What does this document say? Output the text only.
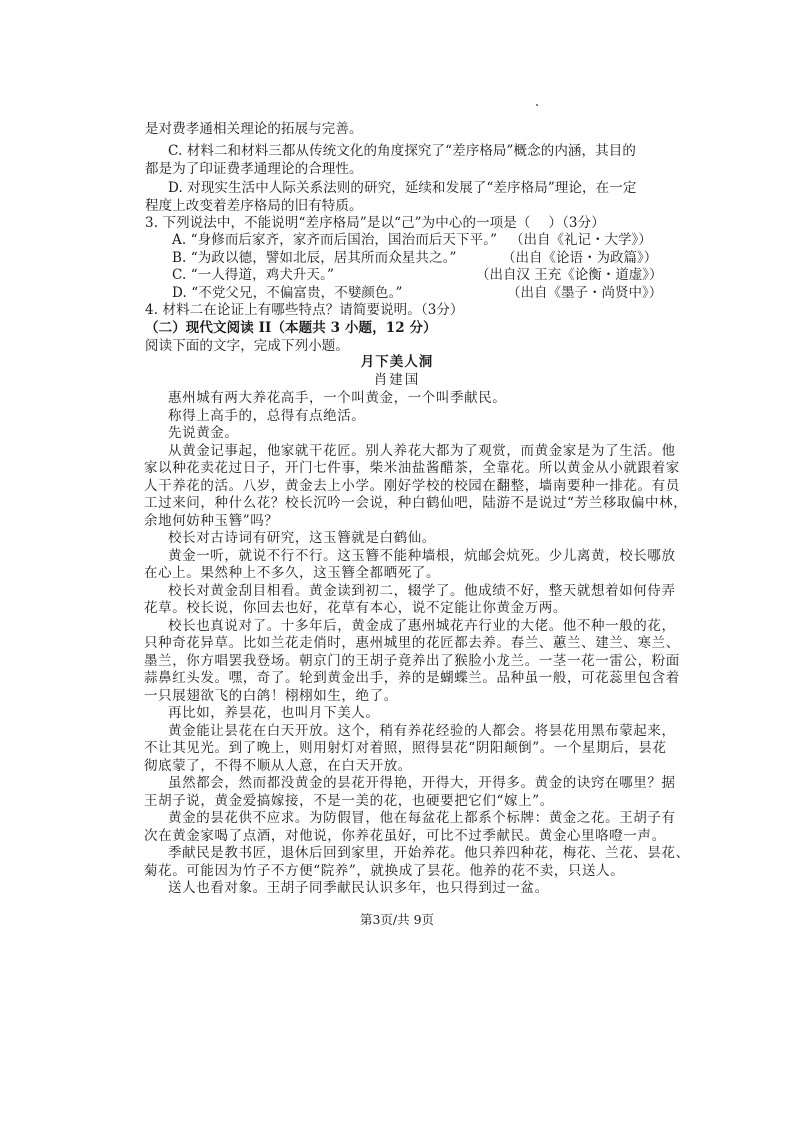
是对费孝通相关理论的拓展与完善。
C. 材料二和材料三都从传统文化的角度探究了“差序格局”概念的内涵，其目的
都是为了印证费孝通理论的合理性。
D. 对现实生活中人际关系法则的研究，延续和发展了“差序格局”理论，在一定
程度上改变着差序格局的旧有特质。
3. 下列说法中，不能说明“差序格局”是以“己”为中心的一项是（　 ）（3分）
A. “身修而后家齐，家齐而后国治，国治而后天下平。” （出自《礼记・大学》）
B. “为政以德，譬如北辰，居其所而众星共之。”	（出自《论语・为政篇》）
C. “一人得道，鸡犬升天。”	（出自汉 王充《论衡・道虚》）
D. “不党父兄，不偏富贵，不嬖颜色。”	（出自《墨子・尚贤中》）
4. 材料二在论证上有哪些特点？请简要说明。（3分）
（二）现代文阅读 II（本题共 3 小题，12 分）
阅读下面的文字，完成下列小题。
月下美人洞
肖建国
第3页/共 9页
惠州城有两大养花高手，一个叫黄金，一个叫季献民。
称得上高手的，总得有点绝活。
先说黄金。
从黄金记事起，他家就干花匠。别人养花大都为了观赏，而黄金家是为了生活。他
家以种花卖花过日子，开门七件事，柴米油盐酱醋茶，全靠花。所以黄金从小就跟着家
人干养花的活。八岁，黄金去上小学。刚好学校的校园在翻整，墙南要种一排花。有员
工过来问，种什么花？校长沉吟一会说，种白鹤仙吧，陆游不是说过“芳兰移取偏中林，
余地何妨种玉簪”吗？
校长对古诗词有研究，这玉簪就是白鹤仙。
黄金一听，就说不行不行。这玉簪不能种墙根，炕邮会炕死。少儿离黄，校长哪放
在心上。果然种上不多久，这玉簪全都晒死了。
校长对黄金刮目相看。黄金读到初二，辍学了。他成绩不好，整天就想着如何侍弄
花草。校长说，你回去也好，花草有本心，说不定能让你黄金万两。
校长也真说对了。十多年后，黄金成了惠州城花卉行业的大佬。他不种一般的花，
只种奇花异草。比如兰花走俏时，惠州城里的花匠都去养。春兰、蕙兰、建兰、寒兰、
墨兰，你方唱罢我登场。朝京门的王胡子竟养出了猴脸小龙兰。一茎一花一雷公，粉面
蒜鼻红头发。嘿，奇了。轮到黄金出手，养的是蝴蝶兰。品种虽一般，可花蕊里包含着
一只展翅欲飞的白鸽！栩栩如生，绝了。
再比如，养昙花，也叫月下美人。
黄金能让昙花在白天开放。这个，稍有养花经验的人都会。将昙花用黑布蒙起来，
不让其见光。到了晚上，则用射灯对着照，照得昙花“阴阳颠倒”。一个星期后，昙花
彻底蒙了，不得不顺从人意，在白天开放。
虽然都会，然而都没黄金的昙花开得艳，开得大，开得多。黄金的诀窍在哪里？据
王胡子说，黄金爱搞嫁接，不是一美的花，也硬要把它们“嫁上”。
黄金的昙花供不应求。为防假冒，他在每盆花上都系个标牌：黄金之花。王胡子有
次在黄金家喝了点酒，对他说，你养花虽好，可比不过季献民。黄金心里咯噔一声。
季献民是教书匠，退休后回到家里，开始养花。他只养四种花，梅花、兰花、昙花、
菊花。可能因为竹子不方便“院养”，就换成了昙花。他养的花不卖，只送人。
送人也看对象。王胡子同季献民认识多年，也只得到过一盆。
